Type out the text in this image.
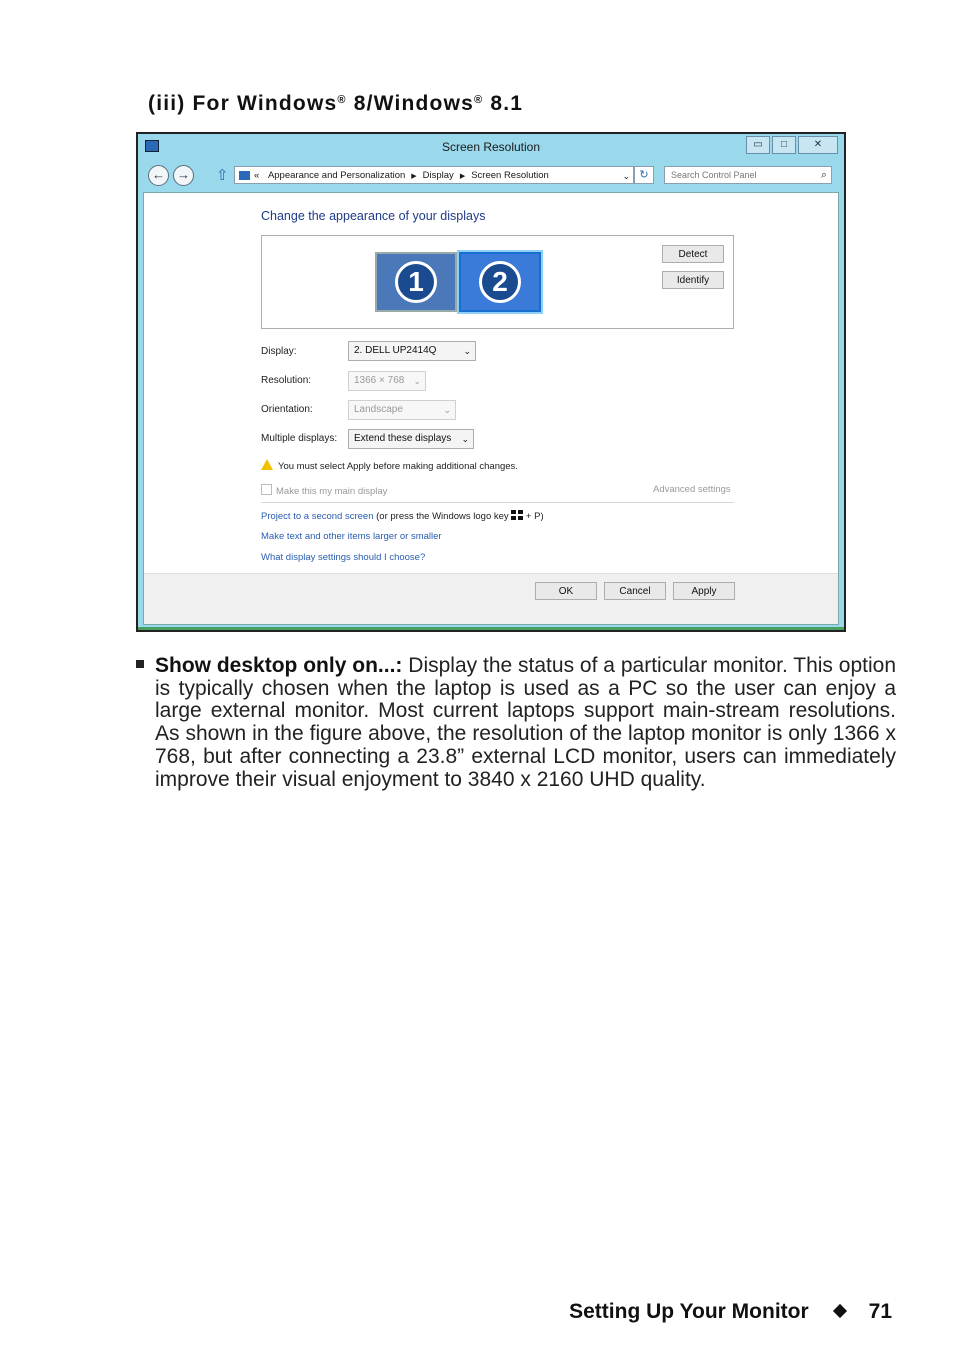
(iii) For Windows® 8/Windows® 8.1
Screen Resolution	▭	□	✕
← → ⇧	« Appearance and Personalization ▶ Display ▶ Screen Resolution	⌄ ↻	Search Control Panel	⌕
Change the appearance of your displays
1	2
Detect
Identify
Display:	2. DELL UP2414Q	⌄
Resolution:	1366 × 768 ⌄
Orientation:	Landscape	⌄
Multiple displays:	Extend these displays ⌄
You must select Apply before making additional changes.
Make this my main display	Advanced settings
Project to a second screen (or press the Windows logo key  + P)
Make text and other items larger or smaller
What display settings should I choose?
OK	Cancel	Apply
Show desktop only on...: Display the status of a particular monitor. This option is typically chosen when the laptop is used as a PC so the user can enjoy a large external monitor. Most current laptops support main-stream resolutions. As shown in the figure above, the resolution of the laptop monitor is only 1366 x 768, but after connecting a 23.8” external LCD monitor, users can immediately improve their visual enjoyment to 3840 x 2160 UHD quality.
Setting Up Your Monitor	71
